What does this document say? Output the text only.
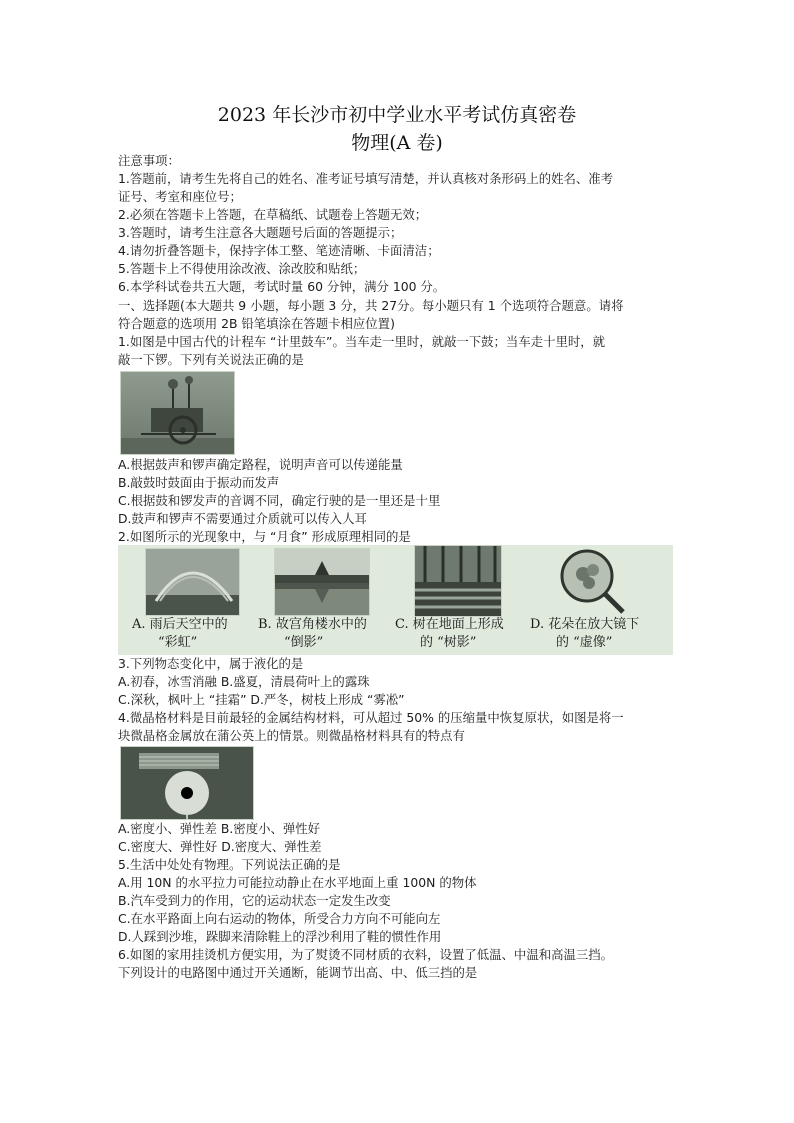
2023 年长沙市初中学业水平考试仿真密卷
物理(A 卷)
注意事项：
1.答题前，请考生先将自己的姓名、准考证号填写清楚，并认真核对条形码上的姓名、准考
证号、考室和座位号；
2.必须在答题卡上答题，在草稿纸、试题卷上答题无效；
3.答题时，请考生注意各大题题号后面的答题提示；
4.请勿折叠答题卡，保持字体工整、笔迹清晰、卡面清洁；
5.答题卡上不得使用涂改液、涂改胶和贴纸；
6.本学科试卷共五大题，考试时量 60 分钟，满分 100 分。
一、选择题(本大题共 9 小题，每小题 3 分，共 27分。每小题只有 1 个选项符合题意。请将
符合题意的选项用 2B 铅笔填涂在答题卡相应位置)
1.如图是中国古代的计程车 “计里鼓车”。当车走一里时，就敲一下鼓；当车走十里时，就
敲一下锣。下列有关说法正确的是
A.根据鼓声和锣声确定路程，说明声音可以传递能量
B.敲鼓时鼓面由于振动而发声
C.根据鼓和锣发声的音调不同，确定行驶的是一里还是十里
D.鼓声和锣声不需要通过介质就可以传入人耳
2.如图所示的光现象中，与 “月食” 形成原理相同的是
A. 雨后天空中的
“彩虹”
B. 故宫角楼水中的
“倒影”
C. 树在地面上形成
的 “树影”
D. 花朵在放大镜下
的 “虚像”
3.下列物态变化中，属于液化的是
A.初春，冰雪消融 B.盛夏，清晨荷叶上的露珠
C.深秋，枫叶上 “挂霜” D.严冬，树枝上形成 “雾凇”
4.微晶格材料是目前最轻的金属结构材料，可从超过 50% 的压缩量中恢复原状，如图是将一
块微晶格金属放在蒲公英上的情景。则微晶格材料具有的特点有
A.密度小、弹性差 B.密度小、弹性好
C.密度大、弹性好 D.密度大、弹性差
5.生活中处处有物理。下列说法正确的是
A.用 10N 的水平拉力可能拉动静止在水平地面上重 100N 的物体
B.汽车受到力的作用，它的运动状态一定发生改变
C.在水平路面上向右运动的物体，所受合力方向不可能向左
D.人踩到沙堆，跺脚来清除鞋上的浮沙利用了鞋的惯性作用
6.如图的家用挂烫机方便实用，为了熨烫不同材质的衣料，设置了低温、中温和高温三挡。
下列设计的电路图中通过开关通断，能调节出高、中、低三挡的是
